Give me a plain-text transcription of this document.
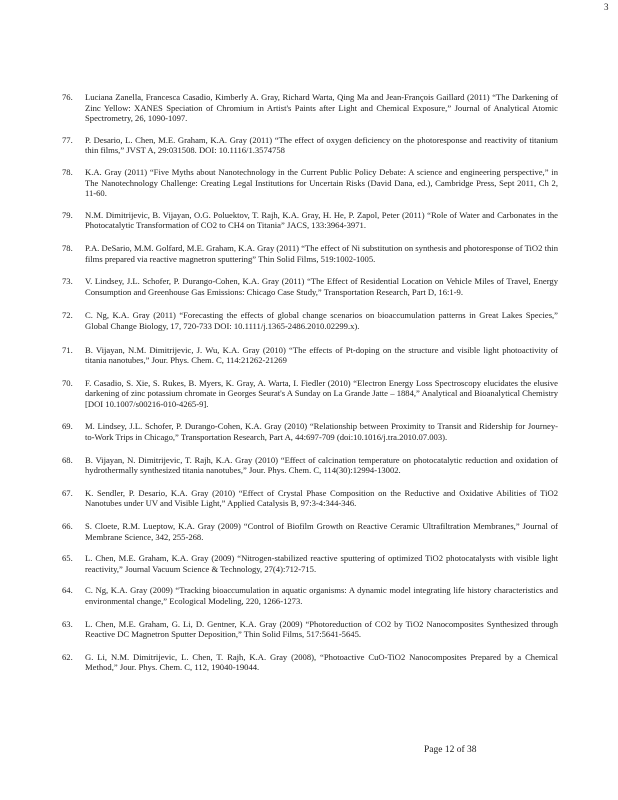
3
76.	Luciana Zanella, Francesca Casadio, Kimberly A. Gray, Richard Warta, Qing Ma and Jean-François Gaillard (2011) “The Darkening of Zinc Yellow: XANES Speciation of Chromium in Artist's Paints after Light and Chemical Exposure,” Journal of Analytical Atomic Spectrometry, 26, 1090-1097.
77.	P. Desario, L. Chen, M.E. Graham, K.A. Gray (2011) “The effect of oxygen deficiency on the photoresponse and reactivity of titanium thin films,” JVST A, 29:031508. DOI: 10.1116/1.3574758
78.	K.A. Gray (2011) “Five Myths about Nanotechnology in the Current Public Policy Debate: A science and engineering perspective,” in The Nanotechnology Challenge: Creating Legal Institutions for Uncertain Risks (David Dana, ed.), Cambridge Press, Sept 2011, Ch 2, 11-60.
79.	N.M. Dimitrijevic, B. Vijayan, O.G. Poluektov, T. Rajh, K.A. Gray, H. He, P. Zapol, Peter (2011) “Role of Water and Carbonates in the Photocatalytic Transformation of CO2 to CH4 on Titania” JACS, 133:3964-3971.
78.	P.A. DeSario, M.M. Golfard, M.E. Graham, K.A. Gray (2011) “The effect of Ni substitution on synthesis and photoresponse of TiO2 thin films prepared via reactive magnetron sputtering” Thin Solid Films, 519:1002-1005.
73.	V. Lindsey, J.L. Schofer, P. Durango-Cohen, K.A. Gray (2011) “The Effect of Residential Location on Vehicle Miles of Travel, Energy Consumption and Greenhouse Gas Emissions: Chicago Case Study,” Transportation Research, Part D, 16:1-9.
72.	C. Ng, K.A. Gray (2011) “Forecasting the effects of global change scenarios on bioaccumulation patterns in Great Lakes Species,” Global Change Biology, 17, 720-733 DOI: 10.1111/j.1365-2486.2010.02299.x).
71.	B. Vijayan, N.M. Dimitrijevic, J. Wu, K.A. Gray (2010) “The effects of Pt-doping on the structure and visible light photoactivity of titania nanotubes,” Jour. Phys. Chem. C, 114:21262-21269
70.	F. Casadio, S. Xie, S. Rukes, B. Myers, K. Gray, A. Warta, I. Fiedler (2010) “Electron Energy Loss Spectroscopy elucidates the elusive darkening of zinc potassium chromate in Georges Seurat's A Sunday on La Grande Jatte – 1884,” Analytical and Bioanalytical Chemistry [DOI 10.1007/s00216-010-4265-9].
69.	M. Lindsey, J.L. Schofer, P. Durango-Cohen, K.A. Gray (2010) “Relationship between Proximity to Transit and Ridership for Journey-to-Work Trips in Chicago,” Transportation Research, Part A, 44:697-709 (doi:10.1016/j.tra.2010.07.003).
68.	B. Vijayan, N. Dimitrijevic, T. Rajh, K.A. Gray (2010) “Effect of calcination temperature on photocatalytic reduction and oxidation of hydrothermally synthesized titania nanotubes,” Jour. Phys. Chem. C, 114(30):12994-13002.
67.	K. Sendler, P. Desario, K.A. Gray (2010) “Effect of Crystal Phase Composition on the Reductive and Oxidative Abilities of TiO2 Nanotubes under UV and Visible Light,” Applied Catalysis B, 97:3-4:344-346.
66.	S. Cloete, R.M. Lueptow, K.A. Gray (2009) “Control of Biofilm Growth on Reactive Ceramic Ultrafiltration Membranes,” Journal of Membrane Science, 342, 255-268.
65.	L. Chen, M.E. Graham, K.A. Gray (2009) “Nitrogen-stabilized reactive sputtering of optimized TiO2 photocatalysts with visible light reactivity,” Journal Vacuum Science & Technology, 27(4):712-715.
64.	C. Ng, K.A. Gray (2009) “Tracking bioaccumulation in aquatic organisms: A dynamic model integrating life history characteristics and environmental change,” Ecological Modeling, 220, 1266-1273.
63.	L. Chen, M.E. Graham, G. Li, D. Gentner, K.A. Gray (2009) “Photoreduction of CO2 by TiO2 Nanocomposites Synthesized through Reactive DC Magnetron Sputter Deposition,” Thin Solid Films, 517:5641-5645.
62.	G. Li, N.M. Dimitrijevic, L. Chen, T. Rajh, K.A. Gray (2008), “Photoactive CuO-TiO2 Nanocomposites Prepared by a Chemical Method,” Jour. Phys. Chem. C, 112, 19040-19044.
Page 12 of 38
